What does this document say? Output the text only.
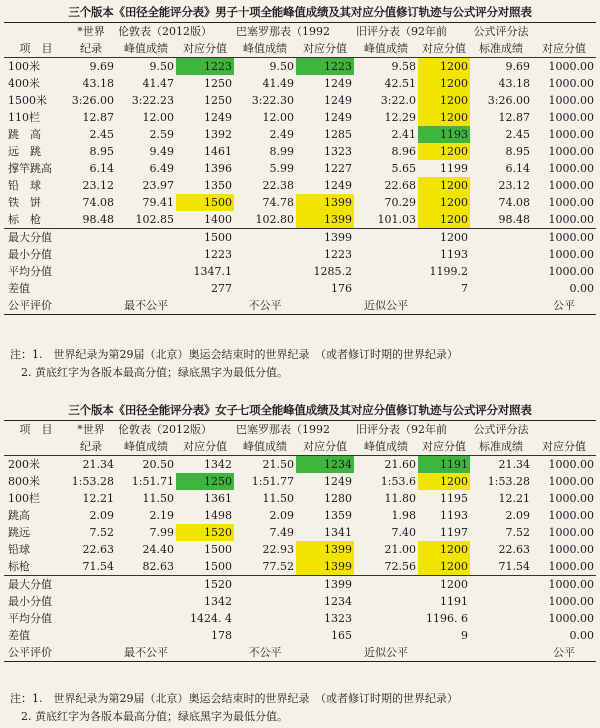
三个版本《田径全能评分表》男子十项全能峰值成绩及其对应分值修订轨迹与公式评分对照表
	*世界	伦敦表（2012版）		巴塞罗那表（1992		旧评分表（92年前		公式评分法	
项　目	纪录	峰值成绩	对应分值	峰值成绩	对应分值	峰值成绩	对应分值	标准成绩	对应分值
100米	9.69	9.50	1223	9.50	1223	9.58	1200	9.69	1000.00
400米	43.18	41.47	1250	41.49	1249	42.51	1200	43.18	1000.00
1500米	3:26.00	3:22.23	1250	3:22.30	1249	3:22.0	1200	3:26.00	1000.00
110栏	12.87	12.00	1249	12.00	1249	12.29	1200	12.87	1000.00
跳　高	2.45	2.59	1392	2.49	1285	2.41	1193	2.45	1000.00
远　跳	8.95	9.49	1461	8.99	1323	8.96	1200	8.95	1000.00
撑竿跳高	6.14	6.49	1396	5.99	1227	5.65	1199	6.14	1000.00
铅　球	23.12	23.97	1350	22.38	1249	22.68	1200	23.12	1000.00
铁　饼	74.08	79.41	1500	74.78	1399	70.29	1200	74.08	1000.00
标　枪	98.48	102.85	1400	102.80	1399	101.03	1200	98.48	1000.00
最大分值			1500		1399		1200		1000.00
最小分值			1223		1223		1193		1000.00
平均分值			1347.1		1285.2		1199.2		1000.00
差值			277		176		7		0.00
公平评价		最不公平		不公平		近似公平			公平
注：1.　世界纪录为第29届（北京）奥运会结束时的世界纪录　（或者修订时期的世界纪录）
　2. 黄底红字为各版本最高分值；绿底黑字为最低分值。
三个版本《田径全能评分表》女子七项全能峰值成绩及其对应分值修订轨迹与公式评分对照表
项　目	*世界	伦敦表（2012版）		巴塞罗那表（1992		旧评分表（92年前		公式评分法	
	纪录	峰值成绩	对应分值	峰值成绩	对应分值	峰值成绩	对应分值	标准成绩	对应分值
200米	21.34	20.50	1342	21.50	1234	21.60	1191	21.34	1000.00
800米	1:53.28	1:51.71	1250	1:51.77	1249	1:53.6	1200	1:53.28	1000.00
100栏	12.21	11.50	1361	11.50	1280	11.80	1195	12.21	1000.00
跳高	2.09	2.19	1498	2.09	1359	1.98	1193	2.09	1000.00
跳远	7.52	7.99	1520	7.49	1341	7.40	1197	7.52	1000.00
铅球	22.63	24.40	1500	22.93	1399	21.00	1200	22.63	1000.00
标枪	71.54	82.63	1500	77.52	1399	72.56	1200	71.54	1000.00
最大分值			1520		1399		1200		1000.00
最小分值			1342		1234		1191		1000.00
平均分值			1424. 4		1323		1196. 6		1000.00
差值			178		165		9		0.00
公平评价		最不公平		不公平		近似公平			公平
注：1.　世界纪录为第29届（北京）奥运会结束时的世界纪录　（或者修订时期的世界纪录）
　2. 黄底红字为各版本最高分值；绿底黑字为最低分值。
